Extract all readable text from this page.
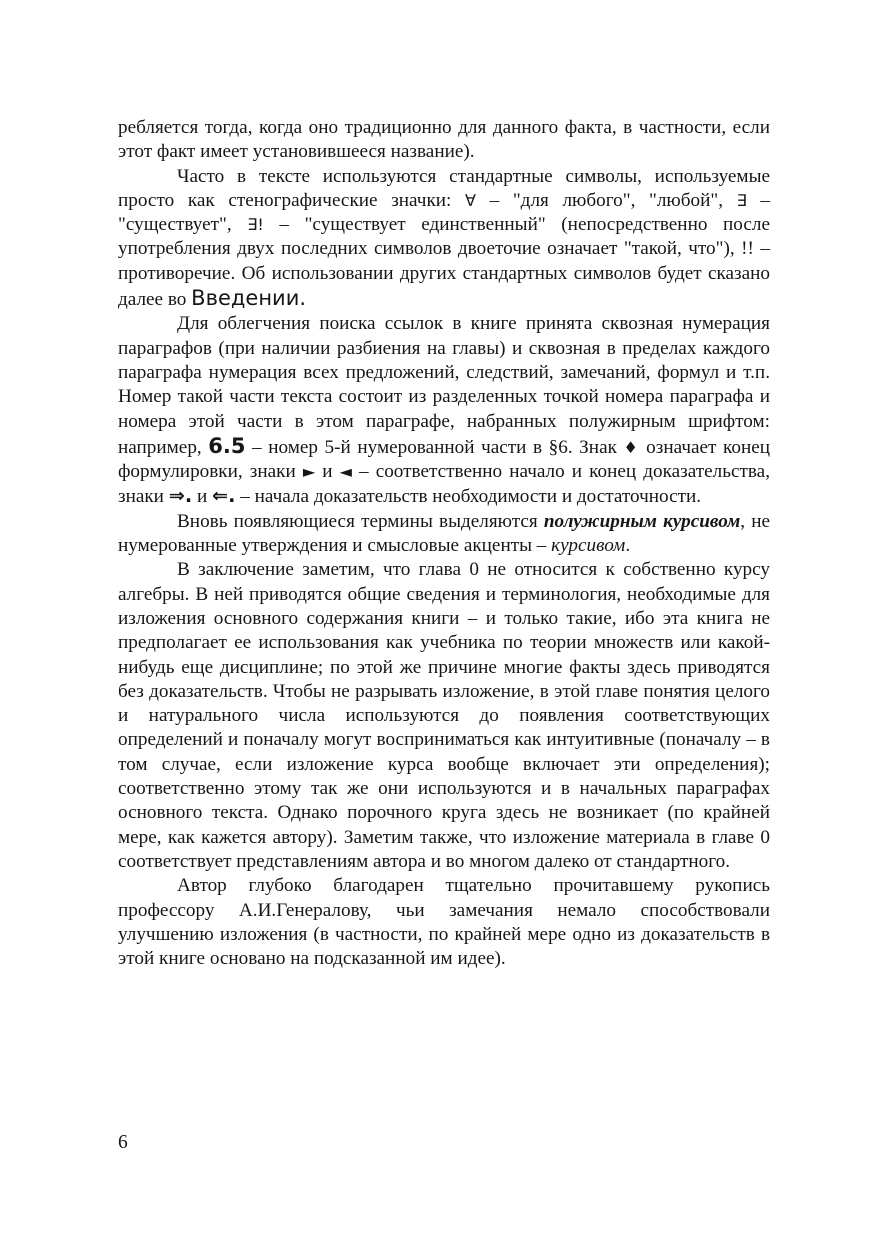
ребляется тогда, когда оно традиционно для данного факта, в частности, если этот факт имеет установившееся название).

Часто в тексте используются стандартные символы, используемые просто как стенографические значки: ∀ – "для любого", "любой", ∃ – "существует", ∃! – "существует единственный" (непосредственно после употребления двух последних символов двоеточие означает "такой, что"), !! – противоречие. Об использовании других стандартных символов будет сказано далее во Введении.

Для облегчения поиска ссылок в книге принята сквозная нумерация параграфов (при наличии разбиения на главы) и сквозная в пределах каждого параграфа нумерация всех предложений, следствий, замечаний, формул и т.п. Номер такой части текста состоит из разделенных точкой номера параграфа и номера этой части в этом параграфе, набранных полужирным шрифтом: например, 6.5 – номер 5-й нумерованной части в §6. Знак ♦ означает конец формулировки, знаки ► и ◄ – соответственно начало и конец доказательства, знаки ⇒. и ⇐. – начала доказательств необходимости и достаточности.

Вновь появляющиеся термины выделяются полужирным курсивом, не нумерованные утверждения и смысловые акценты – курсивом.

В заключение заметим, что глава 0 не относится к собственно курсу алгебры. В ней приводятся общие сведения и терминология, необходимые для изложения основного содержания книги – и только такие, ибо эта книга не предполагает ее использования как учебника по теории множеств или какой-нибудь еще дисциплине; по этой же причине многие факты здесь приводятся без доказательств. Чтобы не разрывать изложение, в этой главе понятия целого и натурального числа используются до появления соответствующих определений и поначалу могут восприниматься как интуитивные (поначалу – в том случае, если изложение курса вообще включает эти определения); соответственно этому так же они используются и в начальных параграфах основного текста. Однако порочного круга здесь не возникает (по крайней мере, как кажется автору). Заметим также, что изложение материала в главе 0 соответствует представлениям автора и во многом далеко от стандартного.

Автор глубоко благодарен тщательно прочитавшему рукопись профессору А.И.Генералову, чьи замечания немало способствовали улучшению изложения (в частности, по крайней мере одно из доказательств в этой книге основано на подсказанной им идее).

6
